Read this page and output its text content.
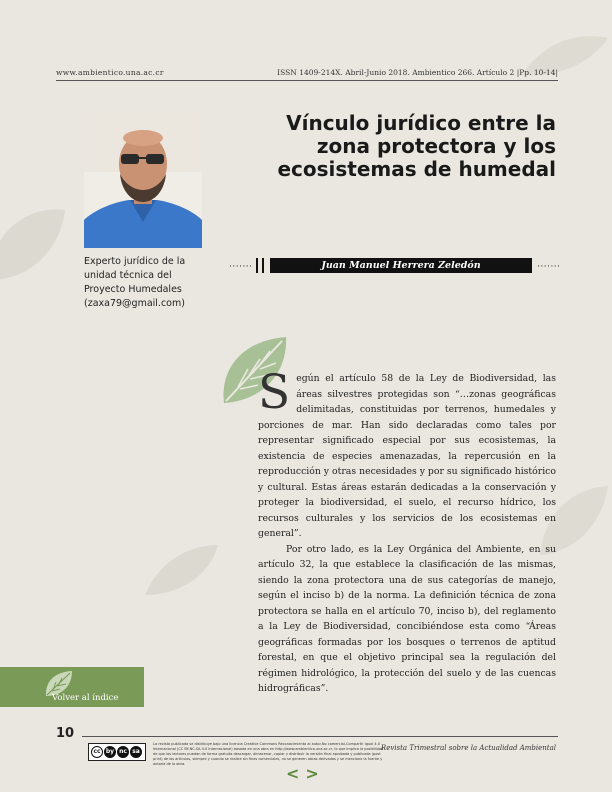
www.ambientico.una.ac.cr	ISSN 1409-214X. Abril-Junio 2018. Ambientico 266. Artículo 2 |Pp. 10-14|
Vínculo jurídico entre la zona protectora y los ecosistemas de humedal
Experto jurídico de la unidad técnica del Proyecto Humedales (zaxa79@gmail.com)
·······	Juan Manuel Herrera Zeledón	·······

Según el artículo 58 de la Ley de Biodiversidad, las áreas silvestres protegidas son “…zonas geográficas delimitadas, constituidas por terrenos, humedales y porciones de mar. Han sido declaradas como tales por representar significado especial por sus ecosistemas, la existencia de especies amenazadas, la repercusión en la reproducción y otras necesidades y por su significado histórico y cultural. Estas áreas estarán dedicadas a la conservación y proteger la biodiversidad, el suelo, el recurso hídrico, los recursos culturales y los servicios de los ecosistemas en general”.

Por otro lado, es la Ley Orgánica del Ambiente, en su artículo 32, la que establece la clasificación de las mismas, siendo la zona protectora una de sus categorías de manejo, según el inciso b) de la norma. La definición técnica de zona protectora se halla en el artículo 70, inciso b), del reglamento a la Ley de Biodiversidad, concibiéndose esta como “Áreas geográficas formadas por los bosques o terrenos de aptitud forestal, en que el objetivo principal sea la regulación del régimen hidrológico, la protección del suelo y de las cuencas hidrográficas”.

Volver al índice
10
cc by nc sa
La revista publicada se distribuye bajo una licencia Creative Commons Reconocimiento al autor-No comercial-Compartir igual 4.0 Internacional (CC BY-NC-SA 4.0 Internacional) basada en una obra en http://www.ambientico.una.ac.cr, lo que implica la posibilidad de que los lectores puedan de forma gratuita descargar, almacenar, copiar y distribuir la versión final aprobada y publicada (post print) de los artículos, siempre y cuando se realice sin fines comerciales, no se generen obras derivadas y se mencione la fuente y autoría de la obra.
Revista Trimestral sobre la Actualidad Ambiental
< >
